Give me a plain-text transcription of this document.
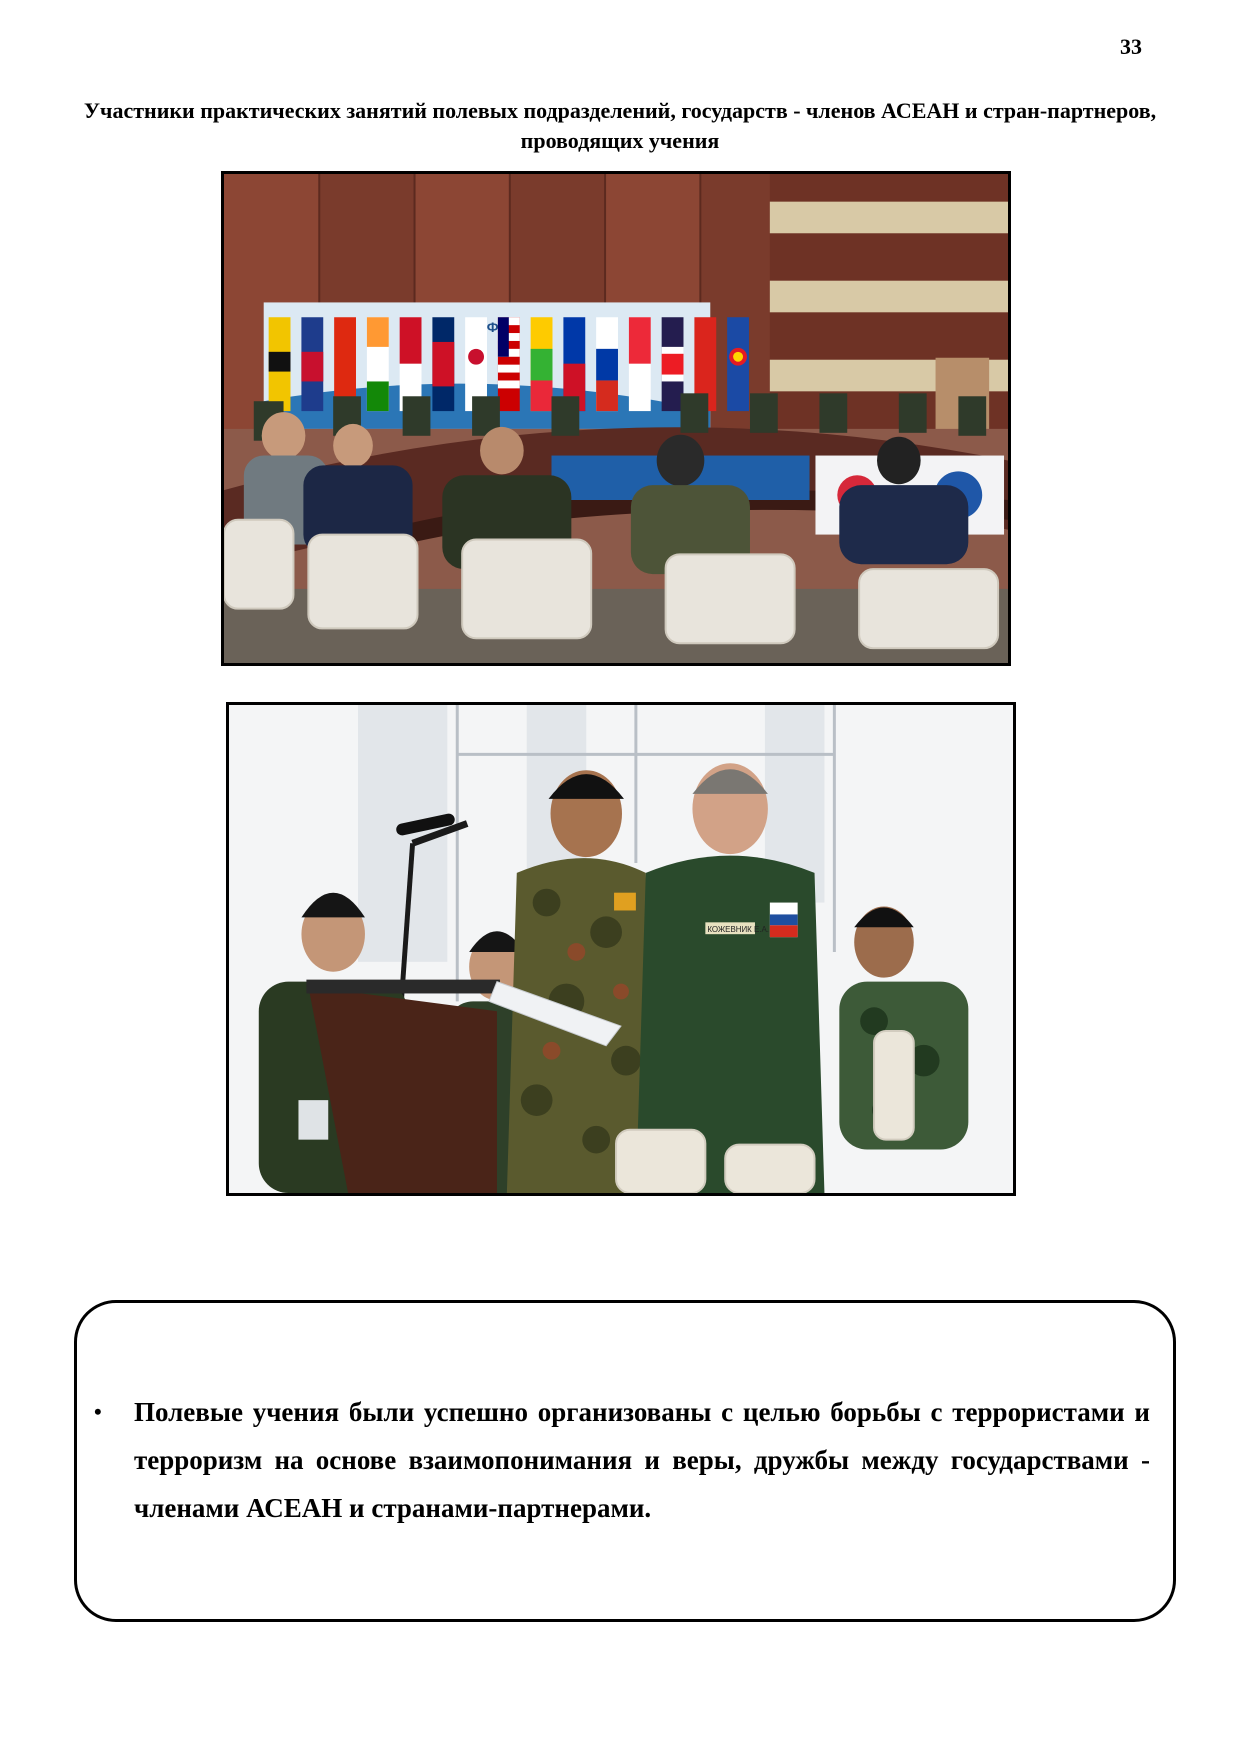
33
Участники практических занятий полевых подразделений, государств - членов АСЕАН и стран-партнеров, проводящих учения
КОЖЕВНИК Е.А.
• Полевые учения были успешно организованы с целью борьбы с террористами и терроризм на основе взаимопонимания и веры, дружбы между государствами - членами АСЕАН и странами-партнерами.
